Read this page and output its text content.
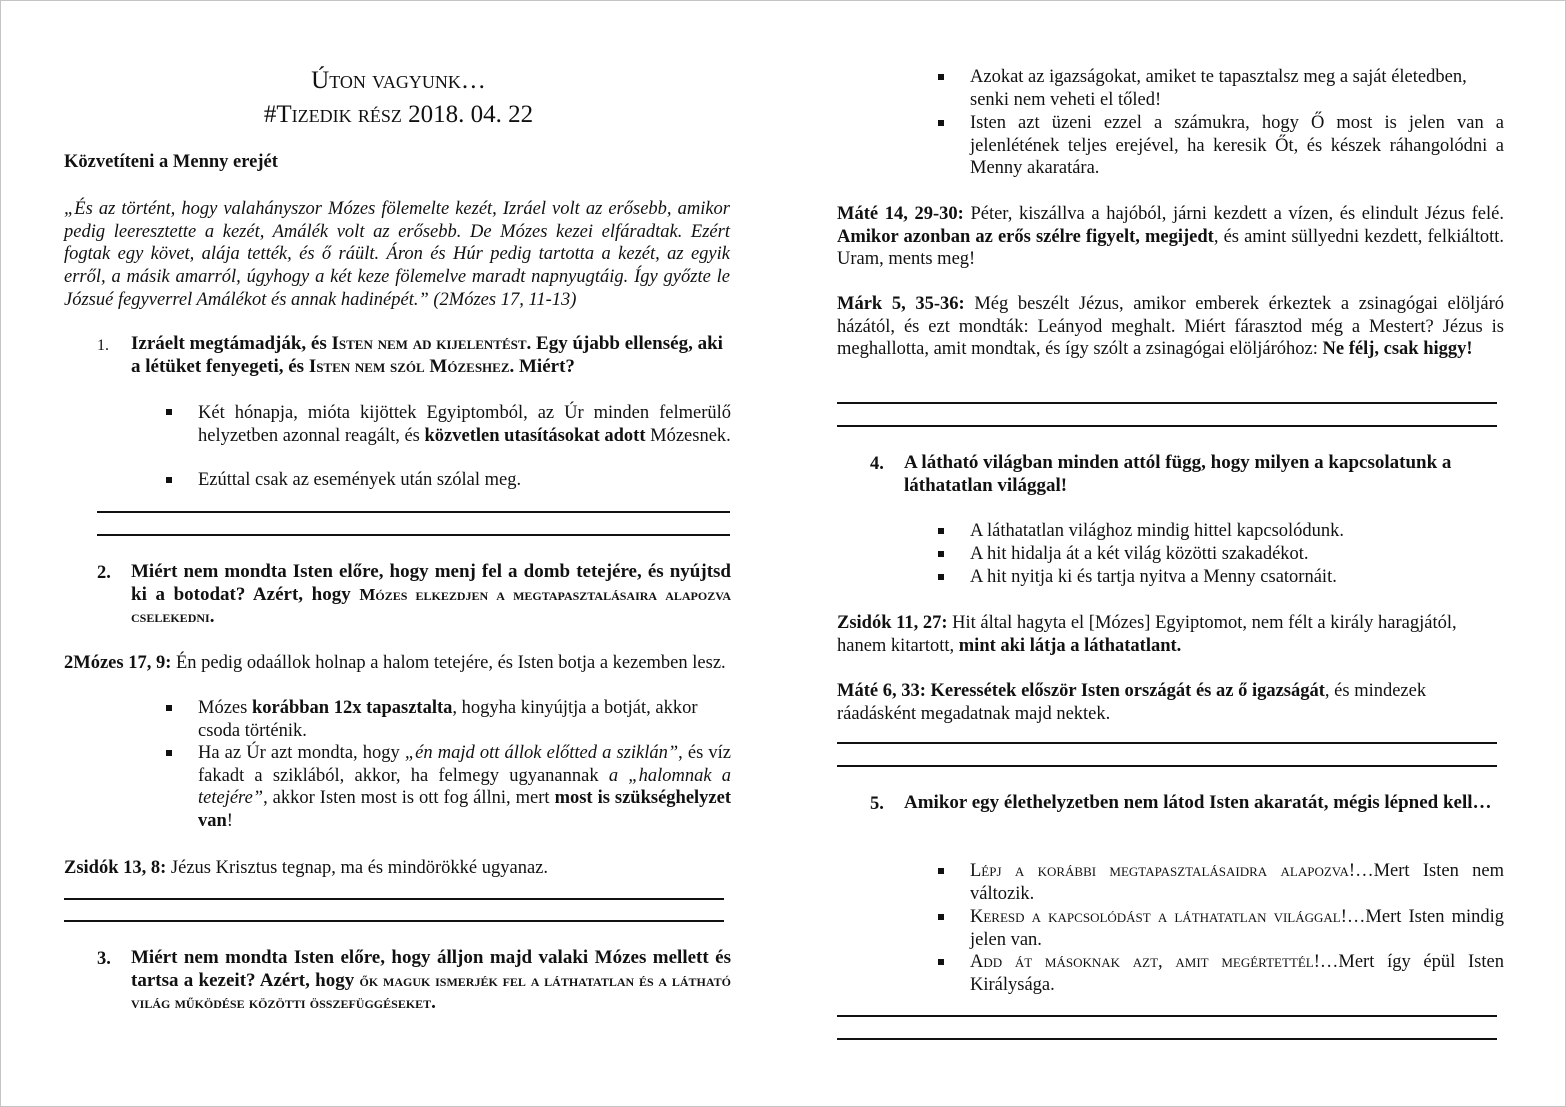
Úton vagyunk…
#Tizedik rész 2018. 04. 22
Közvetíteni a Menny erejét
„És az történt, hogy valahányszor Mózes fölemelte kezét, Izráel volt az erősebb, amikor pedig leeresztette a kezét, Amálék volt az erősebb. De Mózes kezei elfáradtak. Ezért fogtak egy követ, alája tették, és ő ráült. Áron és Húr pedig tartotta a kezét, az egyik erről, a másik amarról, úgyhogy a két keze fölemelve maradt napnyugtáig. Így győzte le Józsué fegyverrel Amálékot és annak hadinépét.” (2Mózes 17, 11-13)
1. Izráelt megtámadják, és Isten nem ad kijelentést. Egy újabb ellenség, aki a létüket fenyegeti, és Isten nem szól Mózeshez. Miért?
Két hónapja, mióta kijöttek Egyiptomból, az Úr minden felmerülő helyzetben azonnal reagált, és közvetlen utasításokat adott Mózesnek.
Ezúttal csak az események után szólal meg.
2. Miért nem mondta Isten előre, hogy menj fel a domb tetejére, és nyújtsd ki a botodat? Azért, hogy Mózes elkezdjen a megtapasztalásaira alapozva cselekedni.
2Mózes 17, 9: Én pedig odaállok holnap a halom tetejére, és Isten botja a kezemben lesz.
Mózes korábban 12x tapasztalta, hogyha kinyújtja a botját, akkor csoda történik.
Ha az Úr azt mondta, hogy „én majd ott állok előtted a sziklán”, és víz fakadt a sziklából, akkor, ha felmegy ugyanannak a „halomnak a tetejére”, akkor Isten most is ott fog állni, mert most is szükséghelyzet van!
Zsidók 13, 8: Jézus Krisztus tegnap, ma és mindörökké ugyanaz.
3. Miért nem mondta Isten előre, hogy álljon majd valaki Mózes mellett és tartsa a kezeit? Azért, hogy ők maguk ismerjék fel a láthatatlan és a látható világ működése közötti összefüggéseket.
Azokat az igazságokat, amiket te tapasztalsz meg a saját életedben, senki nem veheti el tőled!
Isten azt üzeni ezzel a számukra, hogy Ő most is jelen van a jelenlétének teljes erejével, ha keresik Őt, és készek ráhangolódni a Menny akaratára.
Máté 14, 29-30: Péter, kiszállva a hajóból, járni kezdett a vízen, és elindult Jézus felé. Amikor azonban az erős szélre figyelt, megijedt, és amint süllyedni kezdett, felkiáltott. Uram, ments meg!
Márk 5, 35-36: Még beszélt Jézus, amikor emberek érkeztek a zsinagógai elöljáró házától, és ezt mondták: Leányod meghalt. Miért fárasztod még a Mestert? Jézus is meghallotta, amit mondtak, és így szólt a zsinagógai elöljáróhoz: Ne félj, csak higgy!
4. A látható világban minden attól függ, hogy milyen a kapcsolatunk a láthatatlan világgal!
A láthatatlan világhoz mindig hittel kapcsolódunk.
A hit hidalja át a két világ közötti szakadékot.
A hit nyitja ki és tartja nyitva a Menny csatornáit.
Zsidók 11, 27: Hit által hagyta el [Mózes] Egyiptomot, nem félt a király haragjától, hanem kitartott, mint aki látja a láthatatlant.
Máté 6, 33: Keressétek először Isten országát és az ő igazságát, és mindezek ráadásként megadatnak majd nektek.
5. Amikor egy élethelyzetben nem látod Isten akaratát, mégis lépned kell…
Lépj a korábbi megtapasztalásaidra alapozva!…Mert Isten nem változik.
Keresd a kapcsolódást a láthatatlan világgal!…Mert Isten mindig jelen van.
Add át másoknak azt, amit megértettél!…Mert így épül Isten Királysága.
